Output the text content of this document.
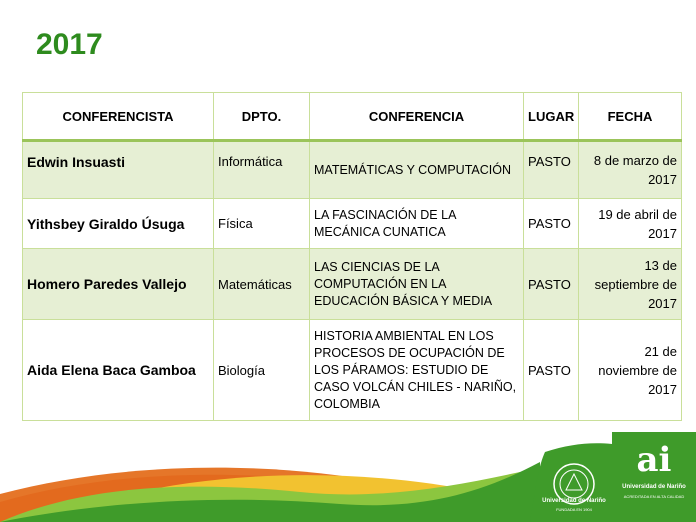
2017
CONFERENCISTA	DPTO.	CONFERENCIA	LUGAR	FECHA
Edwin Insuasti	Informática	MATEMÁTICAS Y COMPUTACIÓN	PASTO	8 de marzo de 2017
Yithsbey Giraldo Úsuga	Física	LA FASCINACIÓN DE LA MECÁNICA CUNATICA	PASTO	19 de abril de 2017
Homero Paredes Vallejo	Matemáticas	LAS CIENCIAS DE LA COMPUTACIÓN EN LA EDUCACIÓN BÁSICA Y MEDIA	PASTO	13 de septiembre de 2017
Aida Elena Baca Gamboa	Biología	HISTORIA AMBIENTAL EN LOS PROCESOS DE OCUPACIÓN DE LOS PÁRAMOS: ESTUDIO DE CASO VOLCÁN CHILES - NARIÑO, COLOMBIA	PASTO	21 de noviembre de 2017
Universidad de Nariño
FUNDADA EN 1904
ai
Universidad de Nariño
ACREDITADA EN ALTA CALIDAD
